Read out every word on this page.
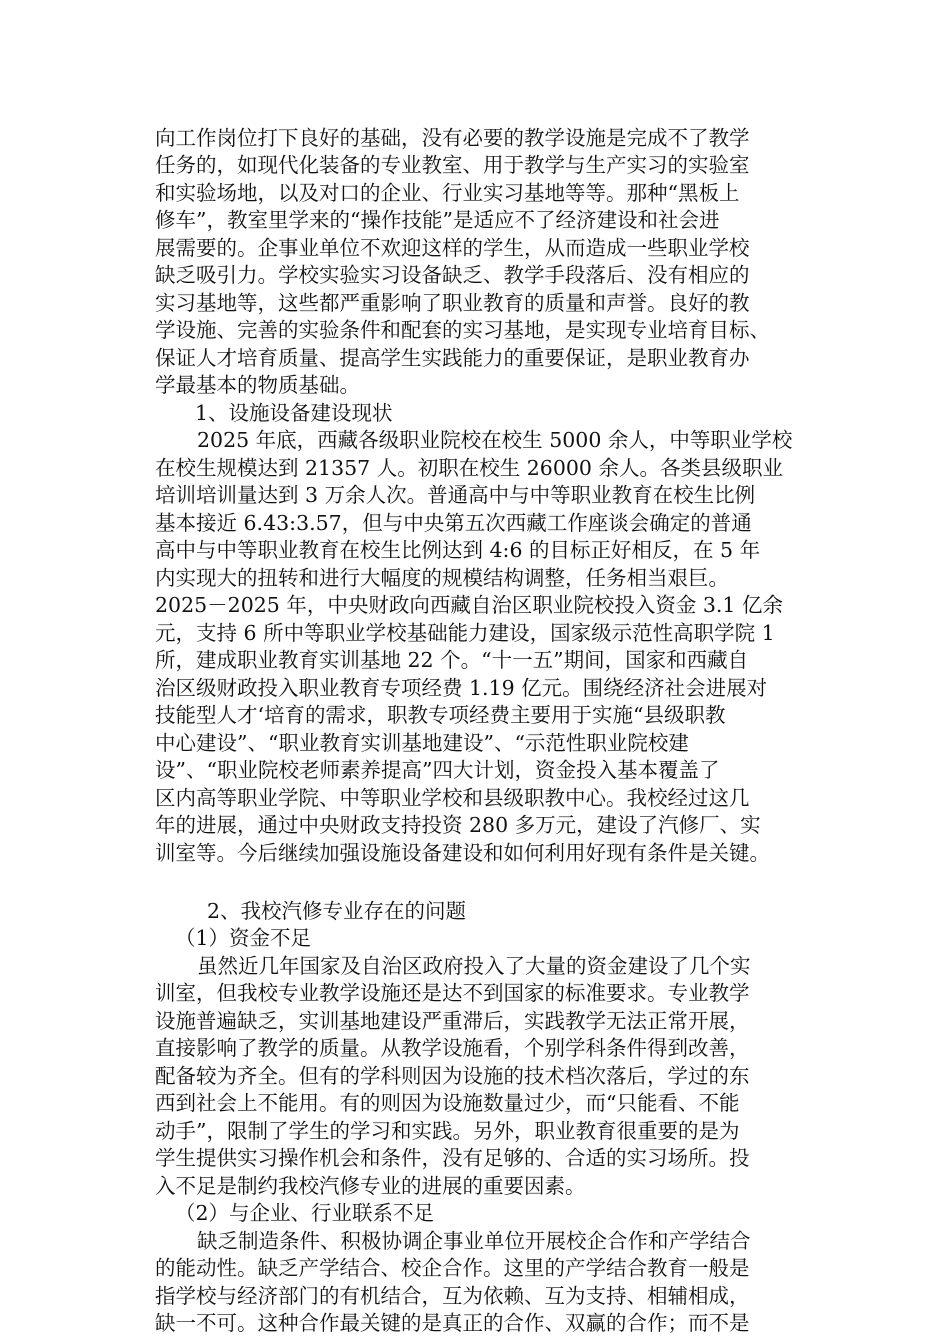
向工作岗位打下良好的基础，没有必要的教学设施是完成不了教学
任务的，如现代化装备的专业教室、用于教学与生产实习的实验室
和实验场地，以及对口的企业、行业实习基地等等。那种“黑板上
修车”，教室里学来的“操作技能”是适应不了经济建设和社会进
展需要的。企事业单位不欢迎这样的学生，从而造成一些职业学校
缺乏吸引力。学校实验实习设备缺乏、教学手段落后、没有相应的
实习基地等，这些都严重影响了职业教育的质量和声誉。良好的教
学设施、完善的实验条件和配套的实习基地，是实现专业培育目标、
保证人才培育质量、提高学生实践能力的重要保证，是职业教育办
学最基本的物质基础。
1、设施设备建设现状
2025 年底，西藏各级职业院校在校生 5000 余人，中等职业学校
在校生规模达到 21357 人。初职在校生 26000 余人。各类县级职业
培训培训量达到 3 万余人次。普通高中与中等职业教育在校生比例
基本接近 6.43:3.57，但与中央第五次西藏工作座谈会确定的普通
高中与中等职业教育在校生比例达到 4:6 的目标正好相反，在 5 年
内实现大的扭转和进行大幅度的规模结构调整，任务相当艰巨。
2025－2025 年，中央财政向西藏自治区职业院校投入资金 3.1 亿余
元，支持 6 所中等职业学校基础能力建设，国家级示范性高职学院 1
所，建成职业教育实训基地 22 个。“十一五”期间，国家和西藏自
治区级财政投入职业教育专项经费 1.19 亿元。围绕经济社会进展对
技能型人才‘培育的需求，职教专项经费主要用于实施“县级职教
中心建设”、“职业教育实训基地建设”、“示范性职业院校建
设”、“职业院校老师素养提高”四大计划，资金投入基本覆盖了
区内高等职业学院、中等职业学校和县级职教中心。我校经过这几
年的进展，通过中央财政支持投资 280 多万元，建设了汽修厂、实
训室等。今后继续加强设施设备建设和如何利用好现有条件是关键。
2、我校汽修专业存在的问题
（1）资金不足
虽然近几年国家及自治区政府投入了大量的资金建设了几个实
训室，但我校专业教学设施还是达不到国家的标准要求。专业教学
设施普遍缺乏，实训基地建设严重滞后，实践教学无法正常开展，
直接影响了教学的质量。从教学设施看，个别学科条件得到改善，
配备较为齐全。但有的学科则因为设施的技术档次落后，学过的东
西到社会上不能用。有的则因为设施数量过少，而“只能看、不能
动手”，限制了学生的学习和实践。另外，职业教育很重要的是为
学生提供实习操作机会和条件，没有足够的、合适的实习场所。投
入不足是制约我校汽修专业的进展的重要因素。
（2）与企业、行业联系不足
缺乏制造条件、积极协调企事业单位开展校企合作和产学结合
的能动性。缺乏产学结合、校企合作。这里的产学结合教育一般是
指学校与经济部门的有机结合，互为依赖、互为支持、相辅相成，
缺一不可。这种合作最关键的是真正的合作、双赢的合作；而不是
